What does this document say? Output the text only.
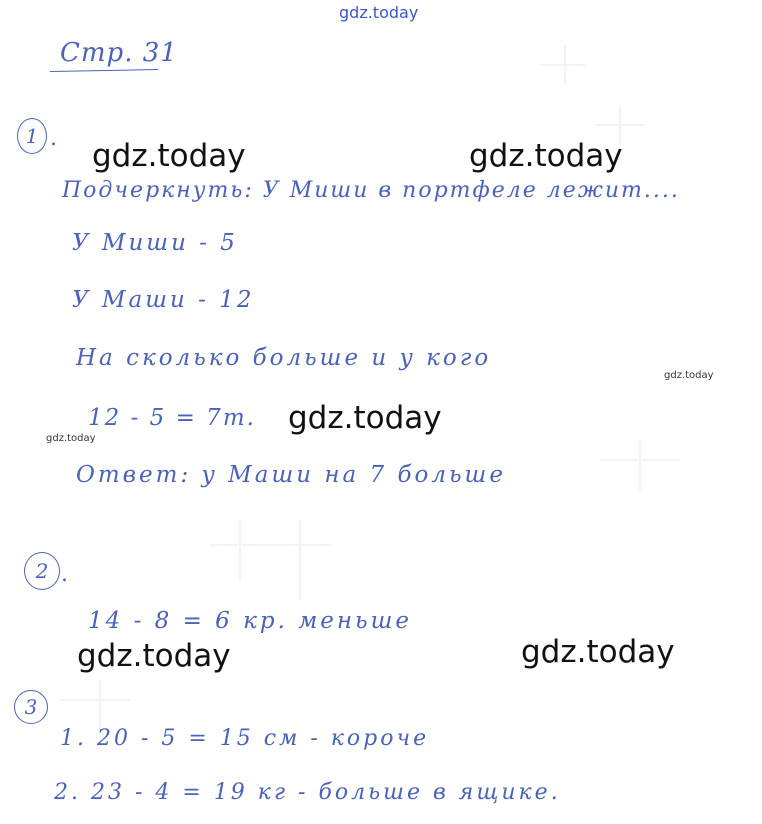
gdz.today
Стр. 31
1 . gdz.today	gdz.today
Подчеркнуть: У Миши в портфеле лежит....
У Миши - 5
У Маши - 12
На сколько больше и у кого
gdz.today
12 - 5 = 7т. gdz.today
gdz.today
Ответ: у Маши на 7 больше
2 .
14 - 8 = 6 кр. меньше
gdz.today	gdz.today
3
1. 20 - 5 = 15 см - короче
2. 23 - 4 = 19 кг - больше в ящике.
